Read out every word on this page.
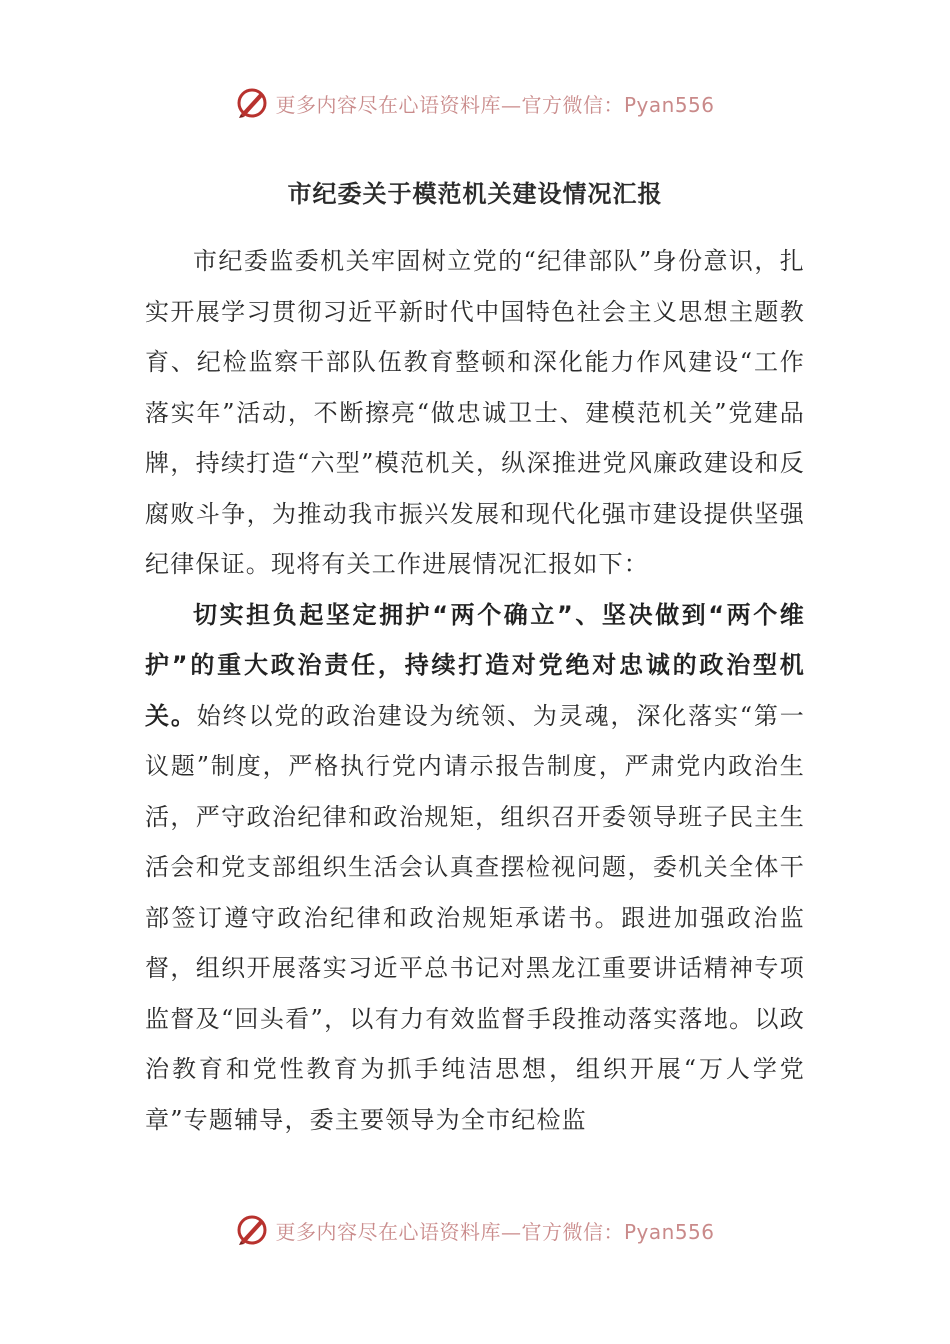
更多内容尽在心语资料库—官方微信：Pyan556
市纪委关于模范机关建设情况汇报

市纪委监委机关牢固树立党的“纪律部队”身份意识，扎实开展学习贯彻习近平新时代中国特色社会主义思想主题教育、纪检监察干部队伍教育整顿和深化能力作风建设“工作落实年”活动，不断擦亮“做忠诚卫士、建模范机关”党建品牌，持续打造“六型”模范机关，纵深推进党风廉政建设和反腐败斗争，为推动我市振兴发展和现代化强市建设提供坚强纪律保证。现将有关工作进展情况汇报如下：

切实担负起坚定拥护“两个确立”、坚决做到“两个维护”的重大政治责任，持续打造对党绝对忠诚的政治型机关。始终以党的政治建设为统领、为灵魂，深化落实“第一议题”制度，严格执行党内请示报告制度，严肃党内政治生活，严守政治纪律和政治规矩，组织召开委领导班子民主生活会和党支部组织生活会认真查摆检视问题，委机关全体干部签订遵守政治纪律和政治规矩承诺书。跟进加强政治监督，组织开展落实习近平总书记对黑龙江重要讲话精神专项监督及“回头看”，以有力有效监督手段推动落实落地。以政治教育和党性教育为抓手纯洁思想，组织开展“万人学党章”专题辅导，委主要领导为全市纪检监

更多内容尽在心语资料库—官方微信：Pyan556
